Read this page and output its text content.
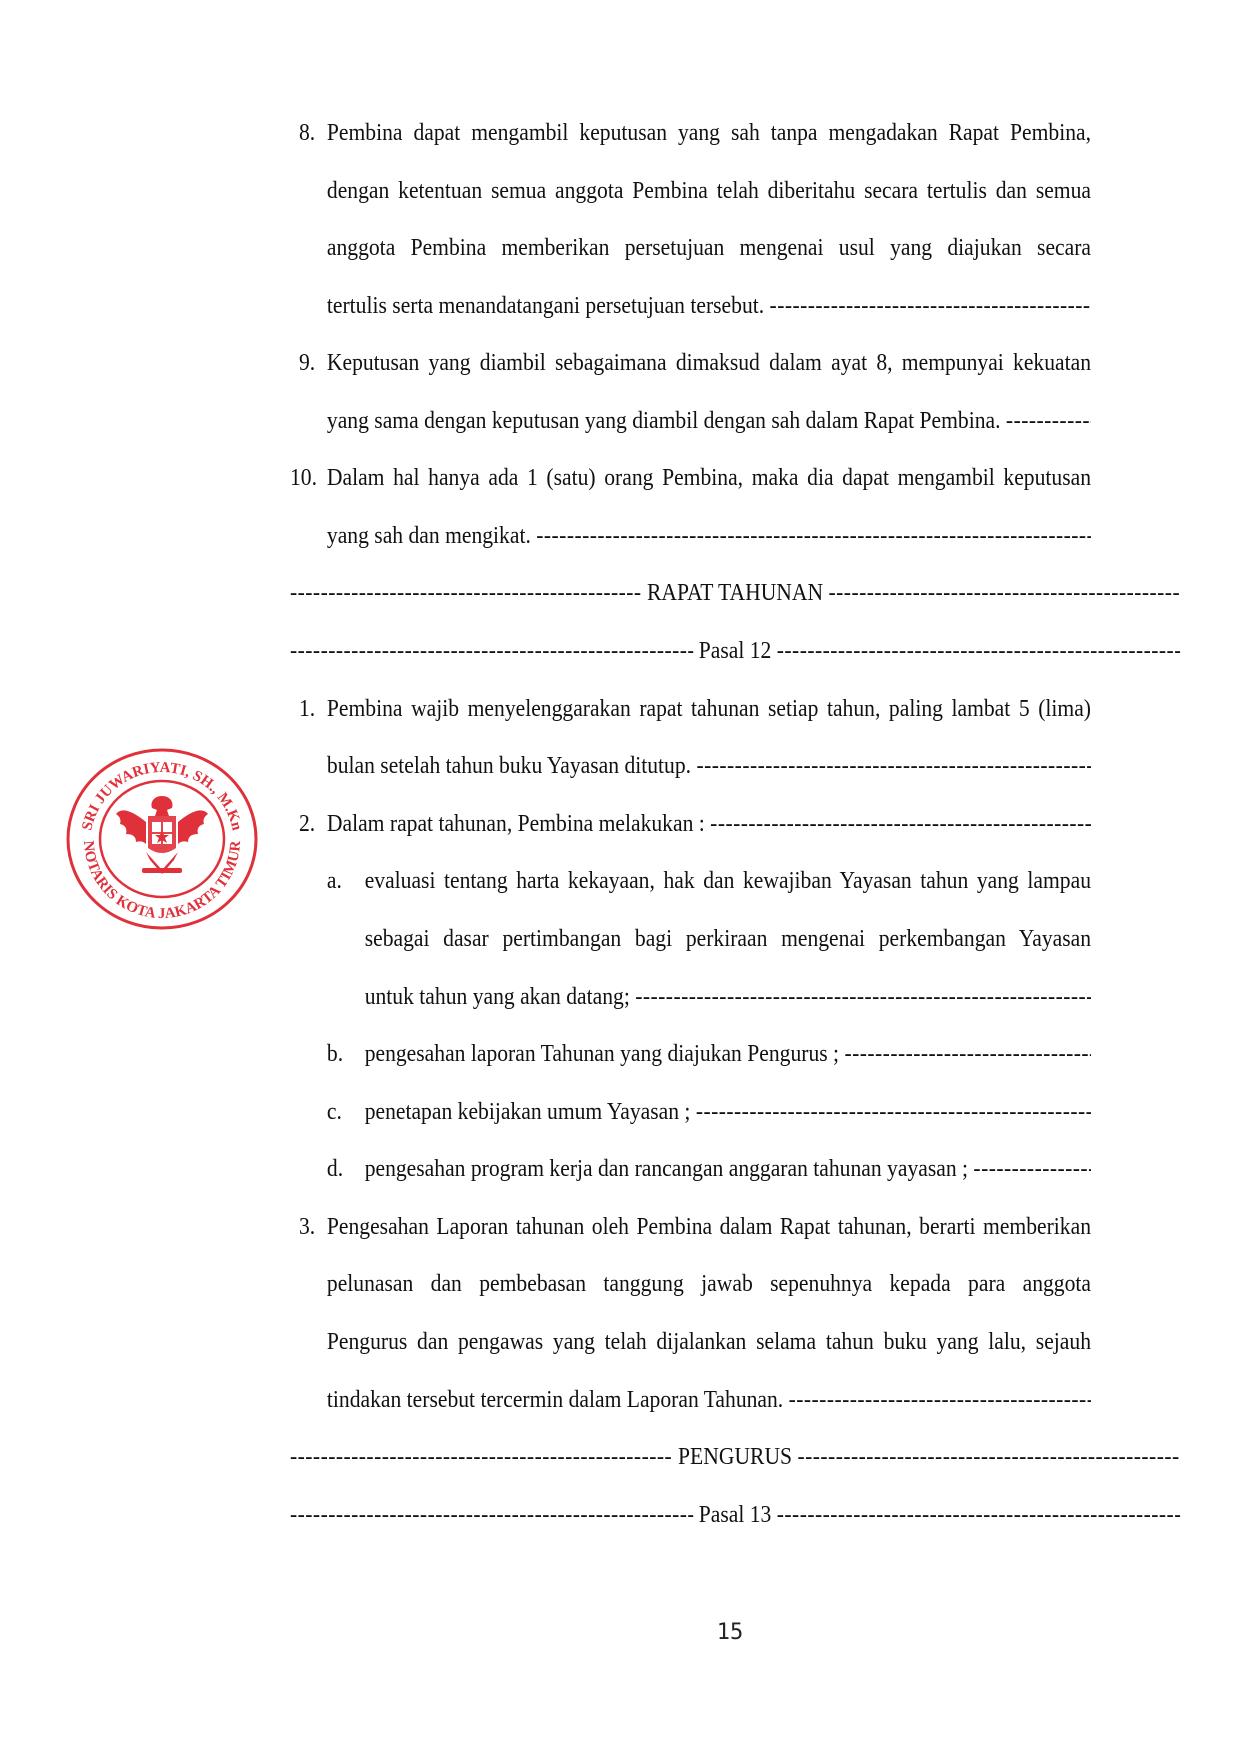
8. Pembina dapat mengambil keputusan yang sah tanpa mengadakan Rapat Pembina,
dengan ketentuan semua anggota Pembina telah diberitahu secara tertulis dan semua
anggota Pembina memberikan persetujuan mengenai usul yang diajukan secara
tertulis serta menandatangani persetujuan tersebut.
-----
9. Keputusan yang diambil sebagaimana dimaksud dalam ayat 8, mempunyai kekuatan
yang sama dengan keputusan yang diambil dengan sah dalam Rapat Pembina.
-----
10. Dalam hal hanya ada 1 (satu) orang Pembina, maka dia dapat mengambil keputusan
yang sah dan mengikat.
-----
-----
RAPAT TAHUNAN
-----
-----
Pasal 12
-----
1. Pembina wajib menyelenggarakan rapat tahunan setiap tahun, paling lambat 5 (lima)
bulan setelah tahun buku Yayasan ditutup.
-----
2. Dalam rapat tahunan, Pembina melakukan :
-----
a. evaluasi tentang harta kekayaan, hak dan kewajiban Yayasan tahun yang lampau
sebagai dasar pertimbangan bagi perkiraan mengenai perkembangan Yayasan
untuk tahun yang akan datang;
-----
b. pengesahan laporan Tahunan yang diajukan Pengurus ;
-----
c. penetapan kebijakan umum Yayasan ;
-----
d. pengesahan program kerja dan rancangan anggaran tahunan yayasan ;
-----
3. Pengesahan Laporan tahunan oleh Pembina dalam Rapat tahunan, berarti memberikan
pelunasan dan pembebasan tanggung jawab sepenuhnya kepada para anggota
Pengurus dan pengawas yang telah dijalankan selama tahun buku yang lalu, sejauh
tindakan tersebut tercermin dalam Laporan Tahunan.
-----
-----
PENGURUS
-----
-----
Pasal 13
-----
15
SRI JUWARIYATI, SH., M.Kn
NOTARIS KOTA JAKARTA TIMUR
